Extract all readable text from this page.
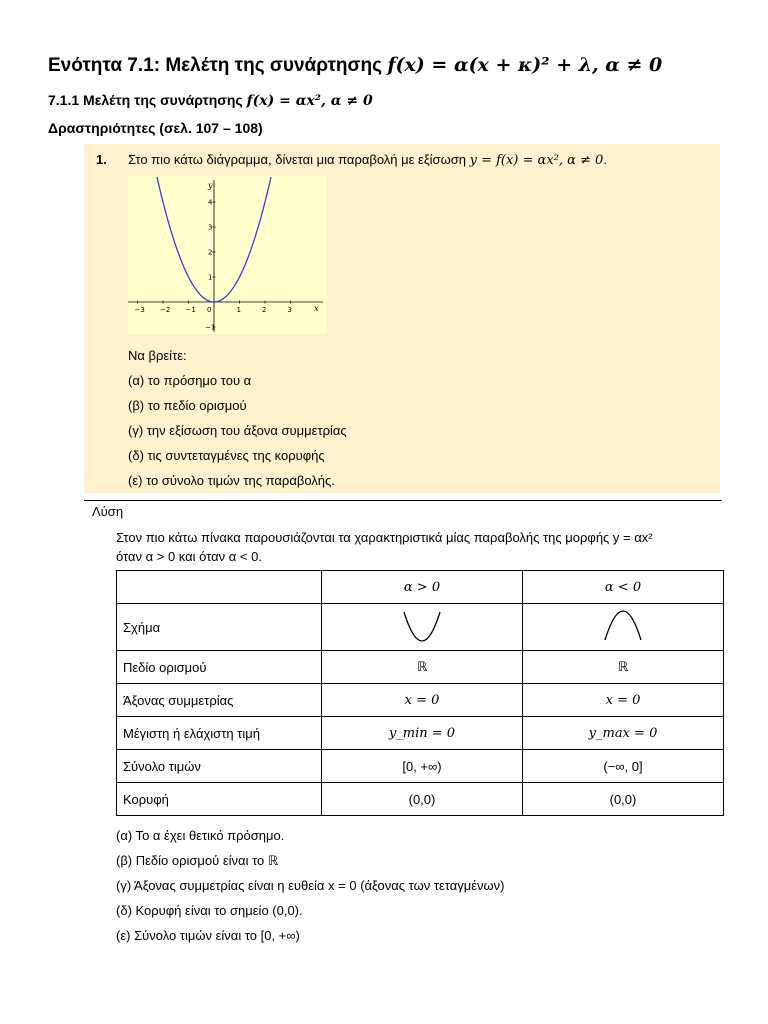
Ενότητα 7.1: Μελέτη της συνάρτησης f(x) = α(x + κ)² + λ, α ≠ 0
7.1.1 Μελέτη της συνάρτησης f(x) = αx², α ≠ 0
Δραστηριότητες (σελ. 107 – 108)
1. Στο πιο κάτω διάγραμμα, δίνεται μια παραβολή με εξίσωση y = f(x) = αx², α ≠ 0.
−3 −2 −1 0	1	2	3
−1
1
2
3
4
y
x
Να βρείτε:
(α) το πρόσημο του α
(β) το πεδίο ορισμού
(γ) την εξίσωση του άξονα συμμετρίας
(δ) τις συντεταγμένες της κορυφής
(ε) το σύνολο τιμών της παραβολής.
Λύση
Στον πιο κάτω πίνακα παρουσιάζονται τα χαρακτηριστικά μίας παραβολής της μορφής y = αx²
όταν α > 0 και όταν α < 0.
	α > 0	α < 0
Σχήμα		
Πεδίο ορισμού	ℝ	ℝ
Άξονας συμμετρίας	x = 0	x = 0
Μέγιστη ή ελάχιστη τιμή	y_min = 0	y_max = 0
Σύνολο τιμών	[0, +∞)	(−∞, 0]
Κορυφή	(0,0)	(0,0)
(α) Το α έχει θετικό πρόσημο.
(β) Πεδίο ορισμού είναι το ℝ
(γ) Άξονας συμμετρίας είναι η ευθεία x = 0 (άξονας των τεταγμένων)
(δ) Κορυφή είναι το σημείο (0,0).
(ε) Σύνολο τιμών είναι το [0, +∞)
